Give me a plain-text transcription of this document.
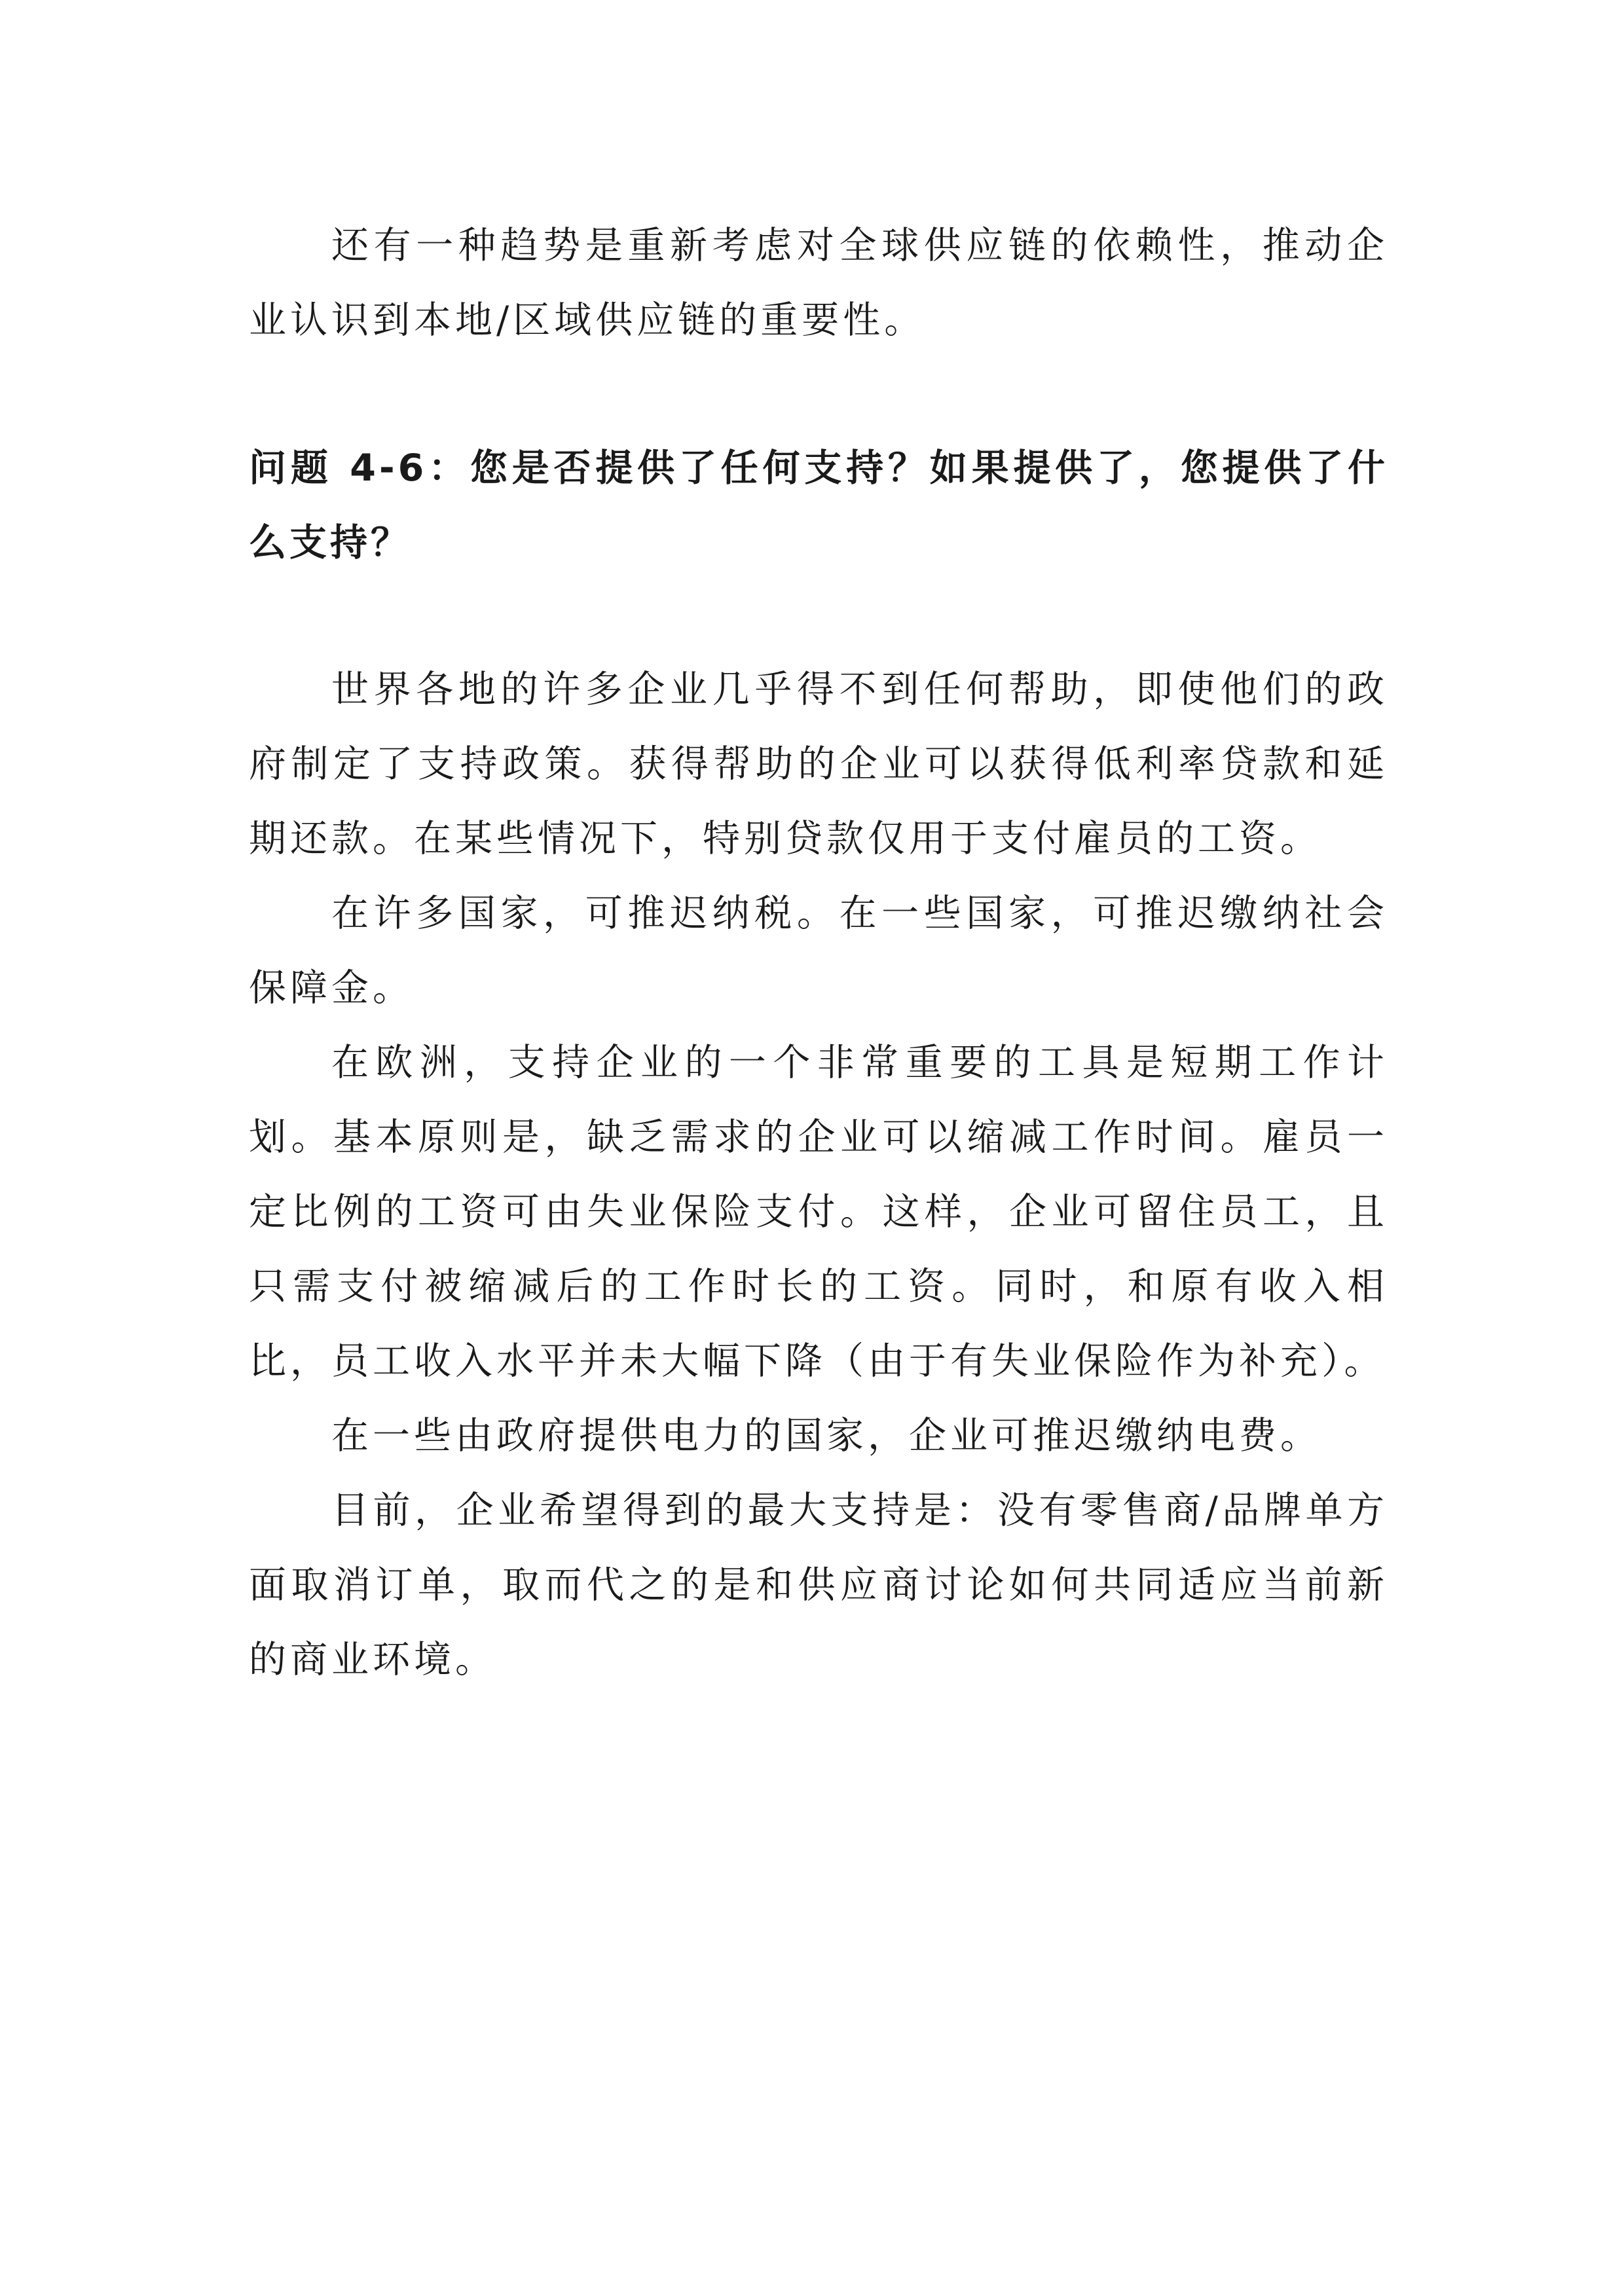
还有一种趋势是重新考虑对全球供应链的依赖性，推动企业认识到本地/区域供应链的重要性。

问题 4-6：您是否提供了任何支持？如果提供了，您提供了什么支持？

世界各地的许多企业几乎得不到任何帮助，即使他们的政府制定了支持政策。获得帮助的企业可以获得低利率贷款和延期还款。在某些情况下，特别贷款仅用于支付雇员的工资。

在许多国家，可推迟纳税。在一些国家，可推迟缴纳社会保障金。

在欧洲，支持企业的一个非常重要的工具是短期工作计划。基本原则是，缺乏需求的企业可以缩减工作时间。雇员一定比例的工资可由失业保险支付。这样，企业可留住员工，且只需支付被缩减后的工作时长的工资。同时，和原有收入相比，员工收入水平并未大幅下降（由于有失业保险作为补充）。

在一些由政府提供电力的国家，企业可推迟缴纳电费。

目前，企业希望得到的最大支持是：没有零售商/品牌单方面取消订单，取而代之的是和供应商讨论如何共同适应当前新的商业环境。
